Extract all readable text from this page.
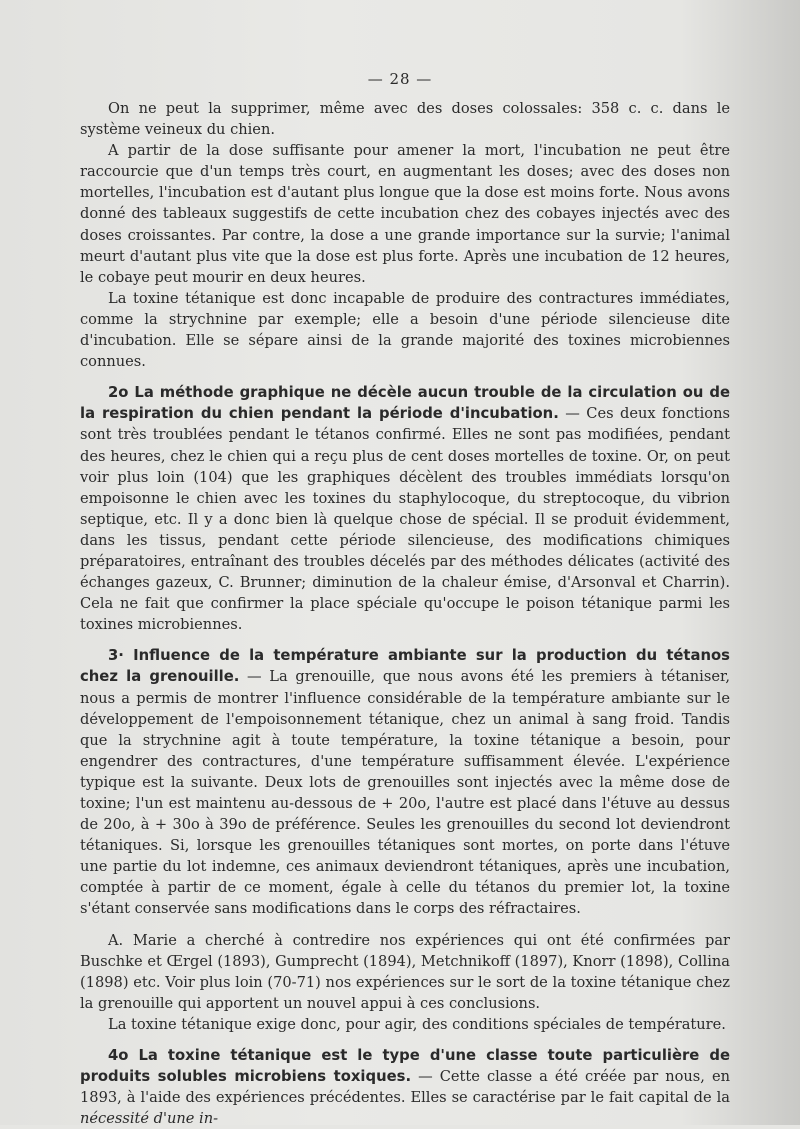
— 28 —

On ne peut la supprimer, même avec des doses colossales: 358 c. c. dans le système veineux du chien.

A partir de la dose suffisante pour amener la mort, l'incubation ne peut être raccourcie que d'un temps très court, en augmentant les doses; avec des doses non mortelles, l'incubation est d'autant plus longue que la dose est moins forte. Nous avons donné des tableaux suggestifs de cette incubation chez des cobayes injectés avec des doses croissantes. Par contre, la dose a une grande importance sur la survie; l'animal meurt d'autant plus vite que la dose est plus forte. Après une incubation de 12 heures, le cobaye peut mourir en deux heures.

La toxine tétanique est donc incapable de produire des contractures immédiates, comme la strychnine par exemple; elle a besoin d'une période silencieuse dite d'incubation. Elle se sépare ainsi de la grande majorité des toxines microbiennes connues.

2o La méthode graphique ne décèle aucun trouble de la circulation ou de la respiration du chien pendant la période d'incubation. — Ces deux fonctions sont très troublées pendant le tétanos confirmé. Elles ne sont pas modifiées, pendant des heures, chez le chien qui a reçu plus de cent doses mortelles de toxine. Or, on peut voir plus loin (104) que les graphiques décèlent des troubles immédiats lorsqu'on empoisonne le chien avec les toxines du staphylocoque, du streptocoque, du vibrion septique, etc. Il y a donc bien là quelque chose de spécial. Il se produit évidemment, dans les tissus, pendant cette période silencieuse, des modifications chimiques préparatoires, entraînant des troubles décelés par des méthodes délicates (activité des échanges gazeux, C. Brunner; diminution de la chaleur émise, d'Arsonval et Charrin). Cela ne fait que confirmer la place spéciale qu'occupe le poison tétanique parmi les toxines microbiennes.

3· Influence de la température ambiante sur la production du tétanos chez la grenouille. — La grenouille, que nous avons été les premiers à tétaniser, nous a permis de montrer l'influence considérable de la température ambiante sur le développement de l'empoisonnement tétanique, chez un animal à sang froid. Tandis que la strychnine agit à toute température, la toxine tétanique a besoin, pour engendrer des contractures, d'une température suffisamment élevée. L'expérience typique est la suivante. Deux lots de grenouilles sont injectés avec la même dose de toxine; l'un est maintenu au-dessous de + 20o, l'autre est placé dans l'étuve au dessus de 20o, à + 30o à 39o de préférence. Seules les grenouilles du second lot deviendront tétaniques. Si, lorsque les grenouilles tétaniques sont mortes, on porte dans l'étuve une partie du lot indemne, ces animaux deviendront tétaniques, après une incubation, comptée à partir de ce moment, égale à celle du tétanos du premier lot, la toxine s'étant conservée sans modifications dans le corps des réfractaires.

A. Marie a cherché à contredire nos expériences qui ont été confirmées par Buschke et Œrgel (1893), Gumprecht (1894), Metchnikoff (1897), Knorr (1898), Collina (1898) etc. Voir plus loin (70-71) nos expériences sur le sort de la toxine tétanique chez la grenouille qui apportent un nouvel appui à ces conclusions.

La toxine tétanique exige donc, pour agir, des conditions spéciales de température.

4o La toxine tétanique est le type d'une classe toute particulière de produits solubles microbiens toxiques. — Cette classe a été créée par nous, en 1893, à l'aide des expériences précédentes. Elles se caractérise par le fait capital de la nécessité d'une in-
